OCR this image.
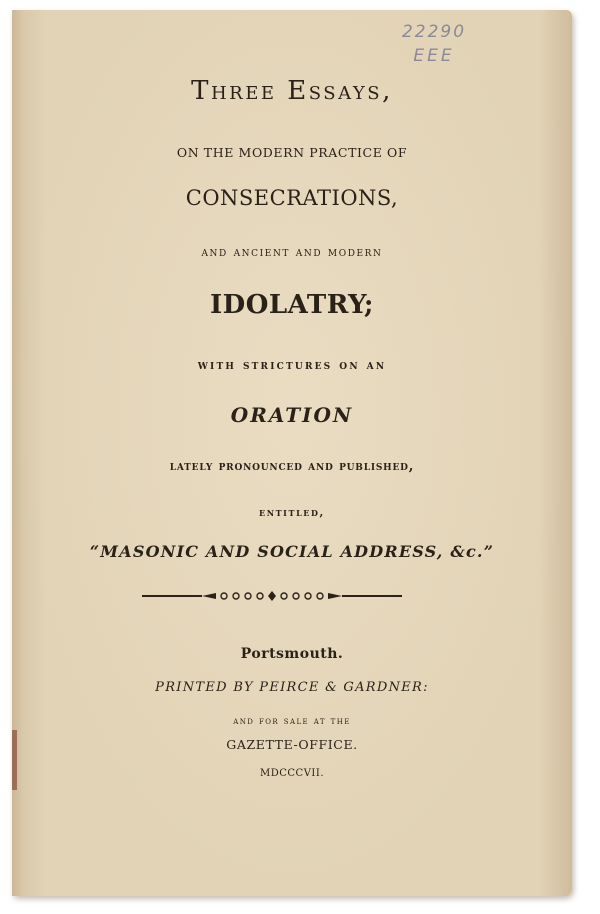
22290
EEE
Three Essays,
ON THE MODERN PRACTICE OF
CONSECRATIONS,
and ancient and modern
IDOLATRY;
with strictures on an
ORATION
lately pronounced and published,
entitled,
“MASONIC AND SOCIAL ADDRESS, &c.”
Portsmouth.
PRINTED BY PEIRCE & GARDNER:
and for sale at the
GAZETTE-OFFICE.
MDCCCVII.
